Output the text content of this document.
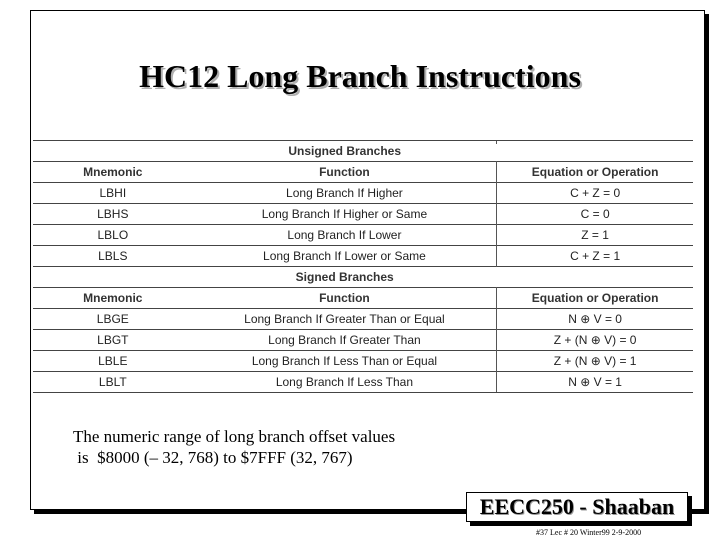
HC12 Long Branch Instructions
	Unsigned Branches	
Mnemonic	Function	Equation or Operation
LBHI	Long Branch If Higher	C + Z = 0
LBHS	Long Branch If Higher or Same	C = 0
LBLO	Long Branch If Lower	Z = 1
LBLS	Long Branch If Lower or Same	C + Z = 1
	Signed Branches	
Mnemonic	Function	Equation or Operation
LBGE	Long Branch If Greater Than or Equal	N ⊕ V = 0
LBGT	Long Branch If Greater Than	Z + (N ⊕ V) = 0
LBLE	Long Branch If Less Than or Equal	Z + (N ⊕ V) = 1
LBLT	Long Branch If Less Than	N ⊕ V = 1
The numeric range of long branch offset values
is  $8000 (– 32, 768) to $7FFF (32, 767)
EECC250 - Shaaban
#37 Lec # 20 Winter99 2-9-2000
